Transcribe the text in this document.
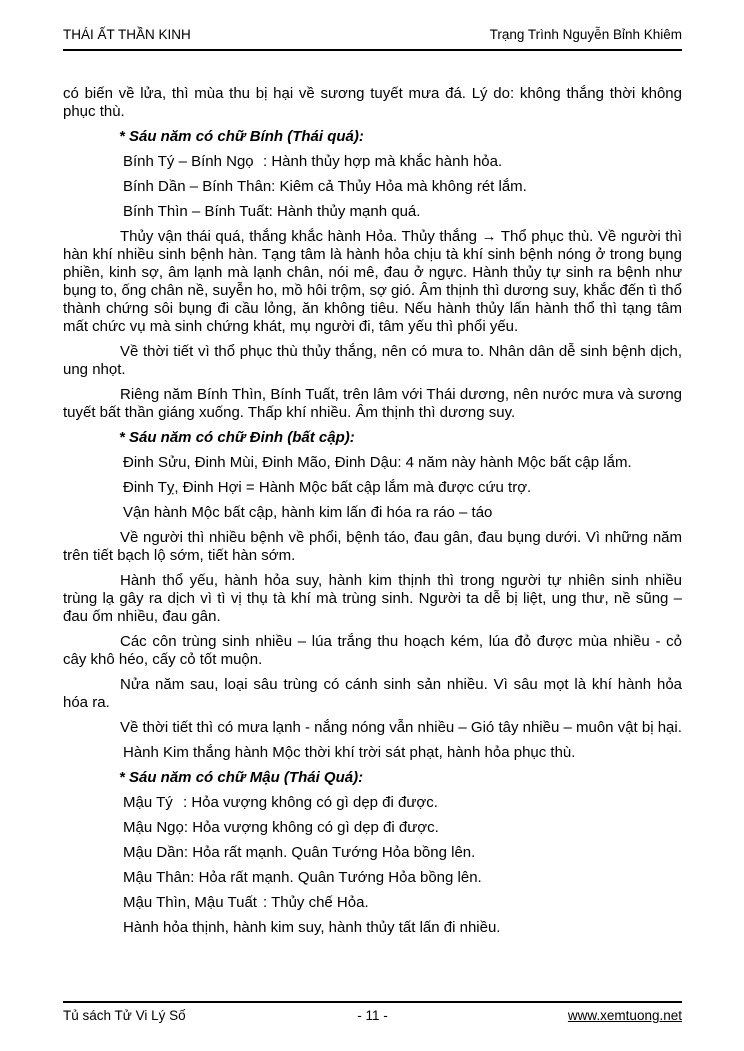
THÁI ẤT THẦN KINH	Trạng Trình Nguyễn Bỉnh Khiêm
có biến về lửa, thì mùa thu bị hại về sương tuyết mưa đá. Lý do: không thắng thời không phục thù.
* Sáu năm có chữ Bính (Thái quá):
Bính Tý – Bính Ngọ : Hành thủy hợp mà khắc hành hỏa.
Bính Dần – Bính Thân : Kiêm cả Thủy Hỏa mà không rét lắm.
Bính Thìn – Bính Tuất : Hành thủy mạnh quá.
Thủy vận thái quá, thắng khắc hành Hỏa. Thủy thắng → Thổ phục thù. Về người thì hàn khí nhiều sinh bệnh hàn. Tạng tâm là hành hỏa chịu tà khí sinh bệnh nóng ở trong bụng phiền, kinh sợ, âm lạnh mà lạnh chân, nói mê, đau ở ngực. Hành thủy tự sinh ra bệnh như bụng to, ống chân nề, suyễn ho, mồ hôi trộm, sợ gió. Âm thịnh thì dương suy, khắc đến tì thổ thành chứng sôi bụng đi cầu lỏng, ăn không tiêu. Nếu hành thủy lấn hành thổ thì tạng tâm mất chức vụ mà sinh chứng khát, mụ người đi, tâm yếu thì phổi yếu.
Về thời tiết vì thổ phục thù thủy thắng, nên có mưa to. Nhân dân dễ sinh bệnh dịch, ung nhọt.
Riêng năm Bính Thìn, Bính Tuất, trên lâm với Thái dương, nên nước mưa và sương tuyết bất thần giáng xuống. Thấp khí nhiều. Âm thịnh thì dương suy.
* Sáu năm có chữ Đinh (bất cập):
Đinh Sửu, Đinh Mùi, Đinh Mão, Đinh Dậu: 4 năm này hành Mộc bất cập lắm.
Đinh Tỵ, Đinh Hợi = Hành Mộc bất cập lắm mà được cứu trợ.
Vận hành Mộc bất cập, hành kim lấn đi hóa ra ráo – táo
Về người thì nhiều bệnh về phổi, bệnh táo, đau gân, đau bụng dưới. Vì những năm trên tiết bạch lộ sớm, tiết hàn sớm.
Hành thổ yếu, hành hỏa suy, hành kim thịnh thì trong người tự nhiên sinh nhiều trùng lạ gây ra dịch vì tì vị thụ tà khí mà trùng sinh. Người ta dễ bị liệt, ung thư, nề sũng – đau ốm nhiều, đau gân.
Các côn trùng sinh nhiều – lúa trắng thu hoạch kém, lúa đỏ được mùa nhiều - cỏ cây khô héo, cấy cỏ tốt muộn.
Nửa năm sau, loại sâu trùng có cánh sinh sản nhiều. Vì sâu mọt là khí hành hỏa hóa ra.
Về thời tiết thì có mưa lạnh - nắng nóng vẫn nhiều – Gió tây nhiều – muôn vật bị hại.
Hành Kim thắng hành Mộc thời khí trời sát phạt, hành hỏa phục thù.
* Sáu năm có chữ Mậu (Thái Quá):
Mậu Tý : Hỏa vượng không có gì dẹp đi được.
Mậu Ngọ : Hỏa vượng không có gì dẹp đi được.
Mậu Dần : Hỏa rất mạnh. Quân Tướng Hỏa bồng lên.
Mậu Thân : Hỏa rất mạnh. Quân Tướng Hỏa bồng lên.
Mậu Thìn, Mậu Tuất : Thủy chế Hỏa.
Hành hỏa thịnh, hành kim suy, hành thủy tất lấn đi nhiều.
Tủ sách Tử Vi Lý Số	- 11 -	www.xemtuong.net
